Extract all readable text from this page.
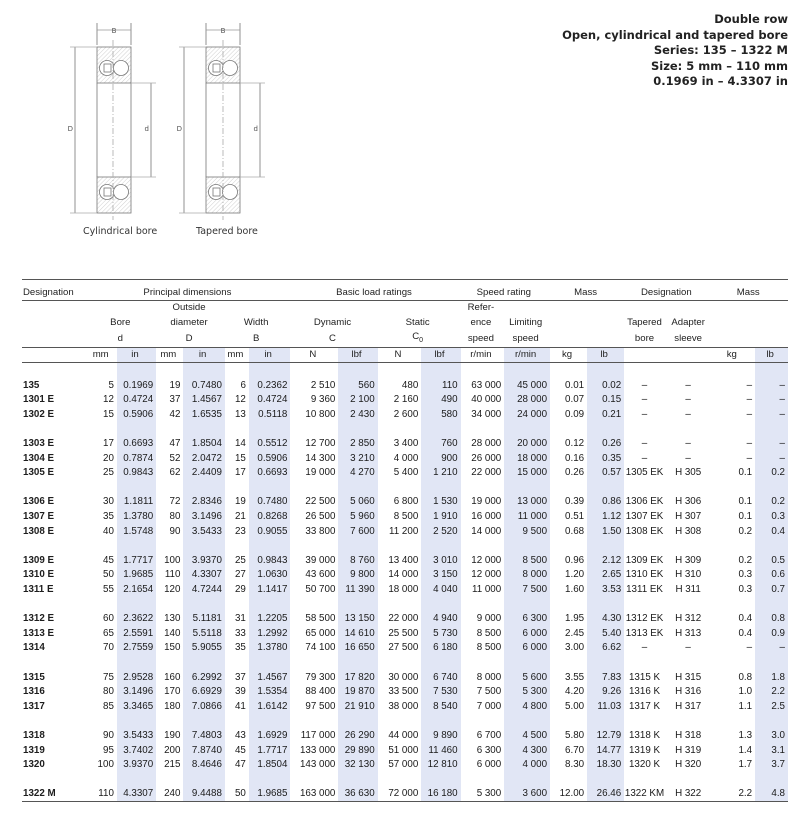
Double row
Open, cylindrical and tapered bore
Series: 135 – 1322 M
Size: 5 mm – 110 mm
0.1969 in – 4.3307 in
B	B
D	D
d	d
Cylindrical bore	Tapered bore
Designation	Principal dimensions						Basic load ratings				Speed rating		Mass		Designation		Mass	
			Outside								Refer-							
	Bore		diameter		Width		Dynamic		Static		ence	Limiting			Tapered	Adapter		
	d		D		B		C		$C_0$		speed	speed			bore	sleeve		
	mm	in	mm	in	mm	in	N	lbf	N	lbf	r/min	r/min	kg	lb			kg	lb

135	5	0.1969	19	0.7480	6	0.2362	2 510	560	480	110	63 000	45 000	0.01	0.02	–	–	–	–
1301 E	12	0.4724	37	1.4567	12	0.4724	9 360	2 100	2 160	490	40 000	28 000	0.07	0.15	–	–	–	–
1302 E	15	0.5906	42	1.6535	13	0.5118	10 800	2 430	2 600	580	34 000	24 000	0.09	0.21	–	–	–	–

1303 E	17	0.6693	47	1.8504	14	0.5512	12 700	2 850	3 400	760	28 000	20 000	0.12	0.26	–	–	–	–
1304 E	20	0.7874	52	2.0472	15	0.5906	14 300	3 210	4 000	900	26 000	18 000	0.16	0.35	–	–	–	–
1305 E	25	0.9843	62	2.4409	17	0.6693	19 000	4 270	5 400	1 210	22 000	15 000	0.26	0.57	1305 EK	H 305	0.1	0.2

1306 E	30	1.1811	72	2.8346	19	0.7480	22 500	5 060	6 800	1 530	19 000	13 000	0.39	0.86	1306 EK	H 306	0.1	0.2
1307 E	35	1.3780	80	3.1496	21	0.8268	26 500	5 960	8 500	1 910	16 000	11 000	0.51	1.12	1307 EK	H 307	0.1	0.3
1308 E	40	1.5748	90	3.5433	23	0.9055	33 800	7 600	11 200	2 520	14 000	9 500	0.68	1.50	1308 EK	H 308	0.2	0.4

1309 E	45	1.7717	100	3.9370	25	0.9843	39 000	8 760	13 400	3 010	12 000	8 500	0.96	2.12	1309 EK	H 309	0.2	0.5
1310 E	50	1.9685	110	4.3307	27	1.0630	43 600	9 800	14 000	3 150	12 000	8 000	1.20	2.65	1310 EK	H 310	0.3	0.6
1311 E	55	2.1654	120	4.7244	29	1.1417	50 700	11 390	18 000	4 040	11 000	7 500	1.60	3.53	1311 EK	H 311	0.3	0.7

1312 E	60	2.3622	130	5.1181	31	1.2205	58 500	13 150	22 000	4 940	9 000	6 300	1.95	4.30	1312 EK	H 312	0.4	0.8
1313 E	65	2.5591	140	5.5118	33	1.2992	65 000	14 610	25 500	5 730	8 500	6 000	2.45	5.40	1313 EK	H 313	0.4	0.9
1314	70	2.7559	150	5.9055	35	1.3780	74 100	16 650	27 500	6 180	8 500	6 000	3.00	6.62	–	–	–	–

1315	75	2.9528	160	6.2992	37	1.4567	79 300	17 820	30 000	6 740	8 000	5 600	3.55	7.83	1315 K	H 315	0.8	1.8
1316	80	3.1496	170	6.6929	39	1.5354	88 400	19 870	33 500	7 530	7 500	5 300	4.20	9.26	1316 K	H 316	1.0	2.2
1317	85	3.3465	180	7.0866	41	1.6142	97 500	21 910	38 000	8 540	7 000	4 800	5.00	11.03	1317 K	H 317	1.1	2.5

1318	90	3.5433	190	7.4803	43	1.6929	117 000	26 290	44 000	9 890	6 700	4 500	5.80	12.79	1318 K	H 318	1.3	3.0
1319	95	3.7402	200	7.8740	45	1.7717	133 000	29 890	51 000	11 460	6 300	4 300	6.70	14.77	1319 K	H 319	1.4	3.1
1320	100	3.9370	215	8.4646	47	1.8504	143 000	32 130	57 000	12 810	6 000	4 000	8.30	18.30	1320 K	H 320	1.7	3.7

1322 M	110	4.3307	240	9.4488	50	1.9685	163 000	36 630	72 000	16 180	5 300	3 600	12.00	26.46	1322 KM	H 322	2.2	4.8
